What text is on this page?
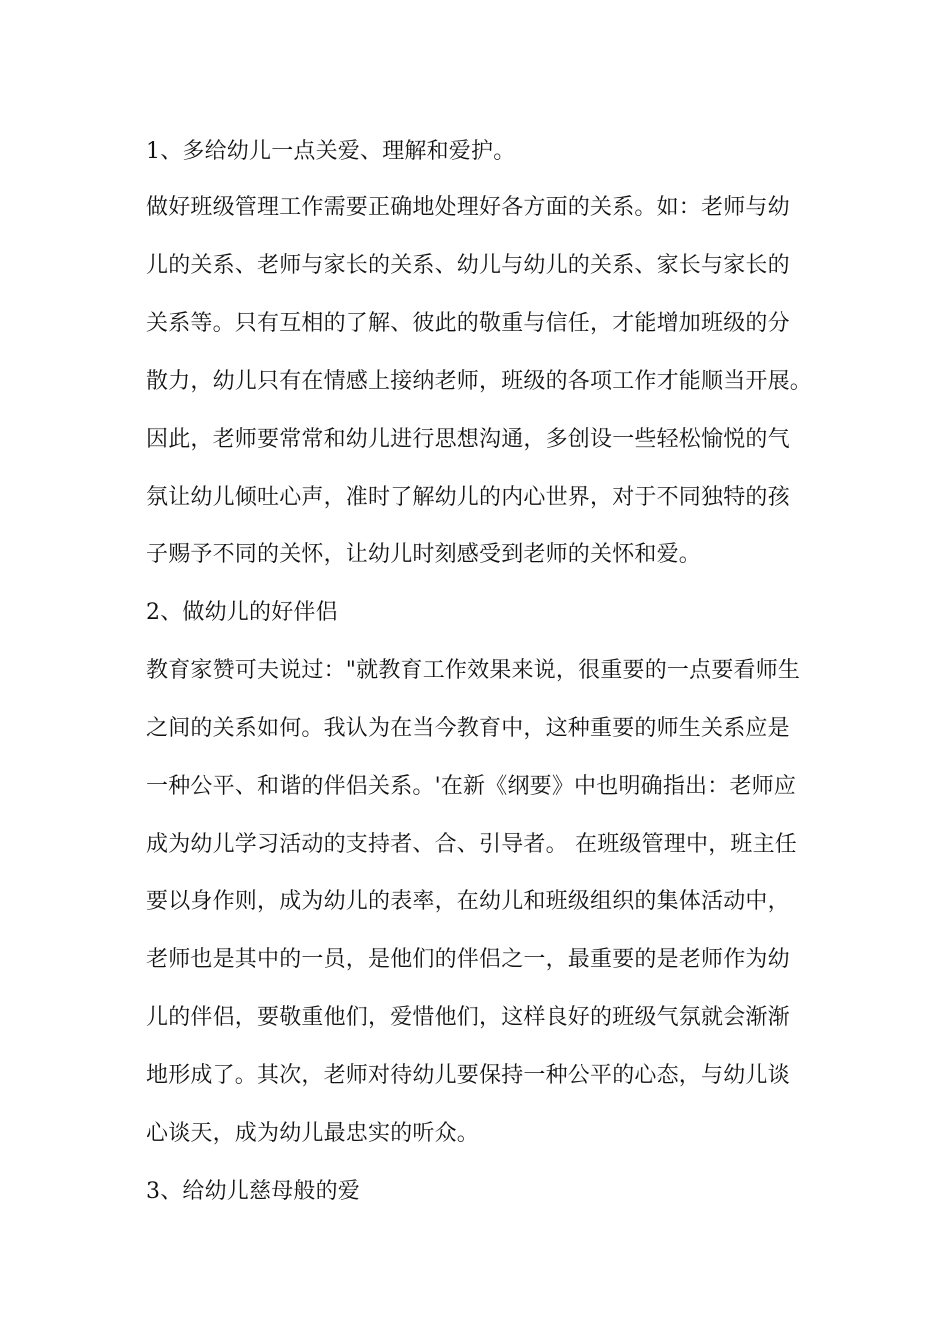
1、多给幼儿一点关爱、理解和爱护。
做好班级管理工作需要正确地处理好各方面的关系。如：老师与幼
儿的关系、老师与家长的关系、幼儿与幼儿的关系、家长与家长的
关系等。只有互相的了解、彼此的敬重与信任，才能增加班级的分
散力，幼儿只有在情感上接纳老师，班级的各项工作才能顺当开展。
因此，老师要常常和幼儿进行思想沟通，多创设一些轻松愉悦的气
氛让幼儿倾吐心声，准时了解幼儿的内心世界，对于不同独特的孩
子赐予不同的关怀，让幼儿时刻感受到老师的关怀和爱。
2、做幼儿的好伴侣
教育家赞可夫说过："就教育工作效果来说，很重要的一点要看师生
之间的关系如何。我认为在当今教育中，这种重要的师生关系应是
一种公平、和谐的伴侣关系。'在新《纲要》中也明确指出：老师应
成为幼儿学习活动的支持者、合、引导者。 在班级管理中，班主任
要以身作则，成为幼儿的表率，在幼儿和班级组织的集体活动中，
老师也是其中的一员，是他们的伴侣之一，最重要的是老师作为幼
儿的伴侣，要敬重他们，爱惜他们，这样良好的班级气氛就会渐渐
地形成了。其次，老师对待幼儿要保持一种公平的心态，与幼儿谈
心谈天，成为幼儿最忠实的听众。
3、给幼儿慈母般的爱
